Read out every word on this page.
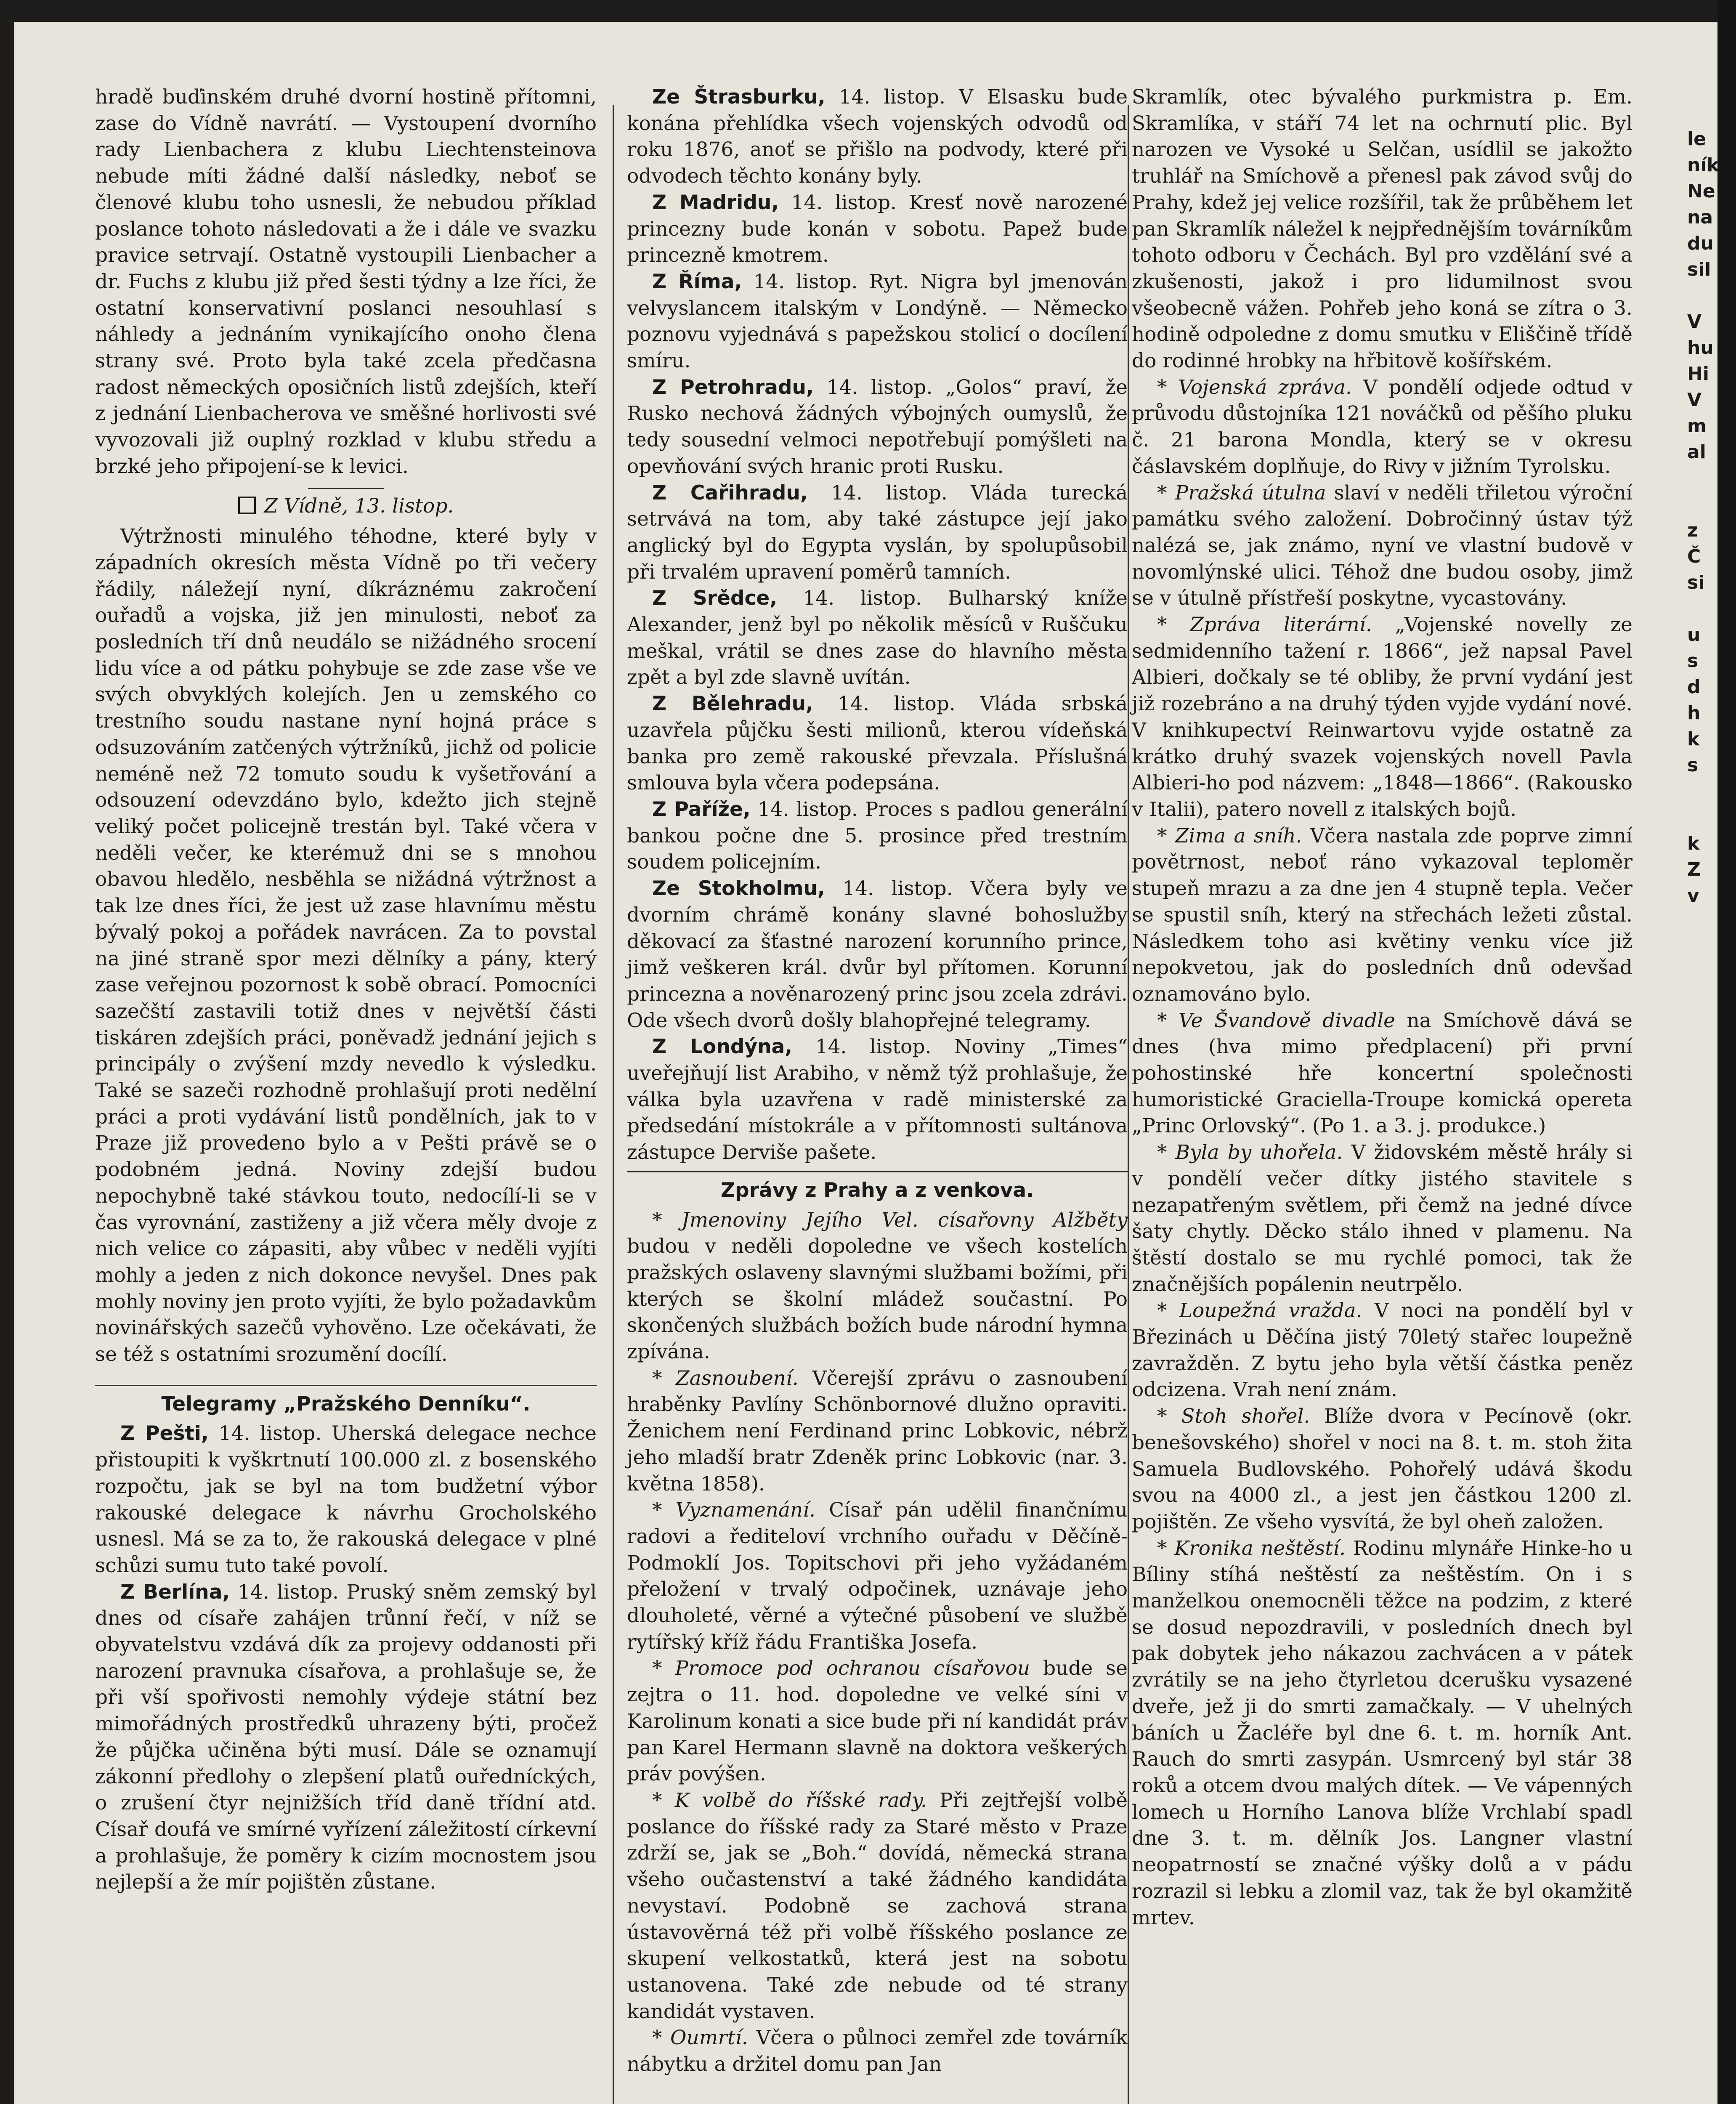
hradě buďinském druhé dvorní hostině přítomni, zase do Vídně navrátí. — Vystoupení dvorního rady Lienbachera z klubu Liechtensteinova nebude míti žádné další následky, neboť se členové klubu toho usnesli, že nebudou příklad poslance tohoto následovati a že i dále ve svazku pravice setrvají. Ostatně vystoupili Lienbacher a dr. Fuchs z klubu již před šesti týdny a lze říci, že ostatní konservativní poslanci nesouhlasí s náhledy a jednáním vynikajícího onoho člena strany své. Proto byla také zcela předčasna radost německých oposičních listů zdejších, kteří z jednání Lienbacherova ve směšné horlivosti své vyvozovali již ouplný rozklad v klubu středu a brzké jeho připojení-se k levici.

Z Vídně, 13. listop.

Výtržnosti minulého téhodne, které byly v západních okresích města Vídně po tři večery řádily, náležejí nyní, díkráznému zakročení ouřadů a vojska, již jen minulosti, neboť za posledních tří dnů neudálo se nižádného srocení lidu více a od pátku pohybuje se zde zase vše ve svých obvyklých kolejích. Jen u zemského co trestního soudu nastane nyní hojná práce s odsuzováním zatčených výtržníků, jichž od policie neméně než 72 tomuto soudu k vyšetřování a odsouzení odevzdáno bylo, kdežto jich stejně veliký počet policejně trestán byl. Také včera v neděli večer, ke kterémuž dni se s mnohou obavou hledělo, nesběhla se nižádná výtržnost a tak lze dnes říci, že jest už zase hlavnímu městu bývalý pokoj a pořádek navrácen. Za to povstal na jiné straně spor mezi dělníky a pány, který zase veřejnou pozornost k sobě obrací. Pomocníci sazečští zastavili totiž dnes v největší části tiskáren zdejších práci, poněvadž jednání jejich s principály o zvýšení mzdy nevedlo k výsledku. Také se sazeči rozhodně prohlašují proti nedělní práci a proti vydávání listů pondělních, jak to v Praze již provedeno bylo a v Pešti právě se o podobném jedná. Noviny zdejší budou nepochybně také stávkou touto, nedocílí-li se v čas vyrovnání, zastiženy a již včera měly dvoje z nich velice co zápasiti, aby vůbec v neděli vyjíti mohly a jeden z nich dokonce nevyšel. Dnes pak mohly noviny jen proto vyjíti, že bylo požadavkům novinářských sazečů vyhověno. Lze očekávati, že se též s ostatními srozumění docílí.

Telegramy „Pražského Denníku“.

Z Pešti, 14. listop. Uherská delegace nechce přistoupiti k vyškrtnutí 100.000 zl. z bosenského rozpočtu, jak se byl na tom budžetní výbor rakouské delegace k návrhu Grocholského usnesl. Má se za to, že rakouská delegace v plné schůzi sumu tuto také povolí.

Z Berlína, 14. listop. Pruský sněm zemský byl dnes od císaře zahájen trůnní řečí, v níž se obyvatelstvu vzdává dík za projevy oddanosti při narození pravnuka císařova, a prohlašuje se, že při vší spořivosti nemohly výdeje státní bez mimořádných prostředků uhrazeny býti, pročež že půjčka učiněna býti musí. Dále se oznamují zákonní předlohy o zlepšení platů ouředníckých, o zrušení čtyr nejnižších tříd daně třídní atd. Císař doufá ve smírné vyřízení záležitostí církevní a prohlašuje, že poměry k cizím mocnostem jsou nejlepší a že mír pojištěn zůstane.

Ze Štrasburku, 14. listop. V Elsasku bude konána přehlídka všech vojenských odvodů od roku 1876, anoť se přišlo na podvody, které při odvodech těchto konány byly.

Z Madridu, 14. listop. Kresť nově narozené princezny bude konán v sobotu. Papež bude princezně kmotrem.

Z Říma, 14. listop. Ryt. Nigra byl jmenován velvyslancem italským v Londýně. — Německo poznovu vyjednává s papežskou stolicí o docílení smíru.

Z Petrohradu, 14. listop. „Golos“ praví, že Rusko nechová žádných výbojných oumyslů, že tedy sousední velmoci nepotřebují pomýšleti na opevňování svých hranic proti Rusku.

Z Cařihradu, 14. listop. Vláda turecká setrvává na tom, aby také zástupce její jako anglický byl do Egypta vyslán, by spolupůsobil při trvalém upravení poměrů tamních.

Z Srědce, 14. listop. Bulharský kníže Alexander, jenž byl po několik měsíců v Ruščuku meškal, vrátil se dnes zase do hlavního města zpět a byl zde slavně uvítán.

Z Bělehradu, 14. listop. Vláda srbská uzavřela půjčku šesti milionů, kterou vídeňská banka pro země rakouské převzala. Příslušná smlouva byla včera podepsána.

Z Paříže, 14. listop. Proces s padlou generální bankou počne dne 5. prosince před trestním soudem policejním.

Ze Stokholmu, 14. listop. Včera byly ve dvorním chrámě konány slavné bohoslužby děkovací za šťastné narození korunního prince, jimž veškeren král. dvůr byl přítomen. Korunní princezna a nověnarozený princ jsou zcela zdrávi. Ode všech dvorů došly blahopřejné telegramy.

Z Londýna, 14. listop. Noviny „Times“ uveřejňují list Arabiho, v němž týž prohlašuje, že válka byla uzavřena v radě ministerské za předsedání místokrále a v přítomnosti sultánova zástupce Derviše pašete.

Zprávy z Prahy a z venkova.

* Jmenoviny Jejího Vel. císařovny Alžběty budou v neděli dopoledne ve všech kostelích pražských oslaveny slavnými službami božími, při kterých se školní mládež součastní. Po skončených službách božích bude národní hymna zpívána.

* Zasnoubení. Včerejší zprávu o zasnoubení hraběnky Pavlíny Schönbornové dlužno opraviti. Ženichem není Ferdinand princ Lobkovic, nébrž jeho mladší bratr Zdeněk princ Lobkovic (nar. 3. května 1858).

* Vyznamenání. Císař pán udělil finančnímu radovi a řediteloví vrchního ouřadu v Děčíně-Podmoklí Jos. Topitschovi při jeho vyžádaném přeložení v trvalý odpočinek, uznávaje jeho dlouholeté, věrné a výtečné působení ve službě rytířský kříž řádu Františka Josefa.

* Promoce pod ochranou císařovou bude se zejtra o 11. hod. dopoledne ve velké síni v Karolinum konati a sice bude při ní kandidát práv pan Karel Hermann slavně na doktora veškerých práv povýšen.

* K volbě do říšské rady. Při zejtřejší volbě poslance do říšské rady za Staré město v Praze zdrží se, jak se „Boh.“ dovídá, německá strana všeho oučastenství a také žádného kandidáta nevystaví. Podobně se zachová strana ústavověrná též při volbě říšského poslance ze skupení velkostatků, která jest na sobotu ustanovena. Také zde nebude od té strany kandidát vystaven.

* Oumrtí. Včera o půlnoci zemřel zde továrník nábytku a držitel domu pan Jan

Skramlík, otec bývalého purkmistra p. Em. Skramlíka, v stáří 74 let na ochrnutí plic. Byl narozen ve Vysoké u Selčan, usídlil se jakožto truhlář na Smíchově a přenesl pak závod svůj do Prahy, kdež jej velice rozšířil, tak že průběhem let pan Skramlík náležel k nejpřednějším továrníkům tohoto odboru v Čechách. Byl pro vzdělání své a zkušenosti, jakož i pro lidumilnost svou všeobecně vážen. Pohřeb jeho koná se zítra o 3. hodině odpoledne z domu smutku v Eliščině třídě do rodinné hrobky na hřbitově košířském.

* Vojenská zpráva. V pondělí odjede odtud v průvodu důstojníka 121 nováčků od pěšího pluku č. 21 barona Mondla, který se v okresu čáslavském doplňuje, do Rivy v jižním Tyrolsku.

* Pražská útulna slaví v neděli třiletou výroční památku svého založení. Dobročinný ústav týž nalézá se, jak známo, nyní ve vlastní budově v novomlýnské ulici. Téhož dne budou osoby, jimž se v útulně přístřeší poskytne, vycastovány.

* Zpráva literární. „Vojenské novelly ze sedmidenního tažení r. 1866“, jež napsal Pavel Albieri, dočkaly se té obliby, že první vydání jest již rozebráno a na druhý týden vyjde vydání nové. V knihkupectví Reinwartovu vyjde ostatně za krátko druhý svazek vojenských novell Pavla Albieri-ho pod názvem: „1848—1866“. (Rakousko v Italii), patero novell z italských bojů.

* Zima a sníh. Včera nastala zde poprve zimní povětrnost, neboť ráno vykazoval teploměr stupeň mrazu a za dne jen 4 stupně tepla. Večer se spustil sníh, který na střechách ležeti zůstal. Následkem toho asi květiny venku více již nepokvetou, jak do posledních dnů odevšad oznamováno bylo.

* Ve Švandově divadle na Smíchově dává se dnes (hva mimo předplacení) při první pohostinské hře koncertní společnosti humoristické Graciella-Troupe komická opereta „Princ Orlovský“. (Po 1. a 3. j. produkce.)

* Byla by uhořela. V židovském městě hrály si v pondělí večer dítky jistého stavitele s nezapatřeným světlem, při čemž na jedné dívce šaty chytly. Děcko stálo ihned v plamenu. Na štěstí dostalo se mu rychlé pomoci, tak že značnějších popálenin neutrpělo.

* Loupežná vražda. V noci na pondělí byl v Březinách u Děčína jistý 70letý stařec loupežně zavražděn. Z bytu jeho byla větší částka peněz odcizena. Vrah není znám.

* Stoh shořel. Blíže dvora v Pecínově (okr. benešovského) shořel v noci na 8. t. m. stoh žita Samuela Budlovského. Pohořelý udává škodu svou na 4000 zl., a jest jen částkou 1200 zl. pojištěn. Ze všeho vysvítá, že byl oheň založen.

* Kronika neštěstí. Rodinu mlynáře Hinke-ho u Bíliny stíhá neštěstí za neštěstím. On i s manželkou onemocněli těžce na podzim, z které se dosud nepozdravili, v posledních dnech byl pak dobytek jeho nákazou zachvácen a v pátek zvrátily se na jeho čtyrletou dcerušku vysazené dveře, jež ji do smrti zamačkaly. — V uhelných báních u Žacléře byl dne 6. t. m. horník Ant. Rauch do smrti zasypán. Usmrcený byl stár 38 roků a otcem dvou malých dítek. — Ve vápenných lomech u Horního Lanova blíže Vrchlabí spadl dne 3. t. m. dělník Jos. Langner vlastní neopatrností se značné výšky dolů a v pádu rozrazil si lebku a zlomil vaz, tak že byl okamžitě mrtev.

le
ník
Ne
na
du
sil
V
hu
Hi
V
m
al
z
Č
si
u
s
d
h
k
s
k
Z
v
